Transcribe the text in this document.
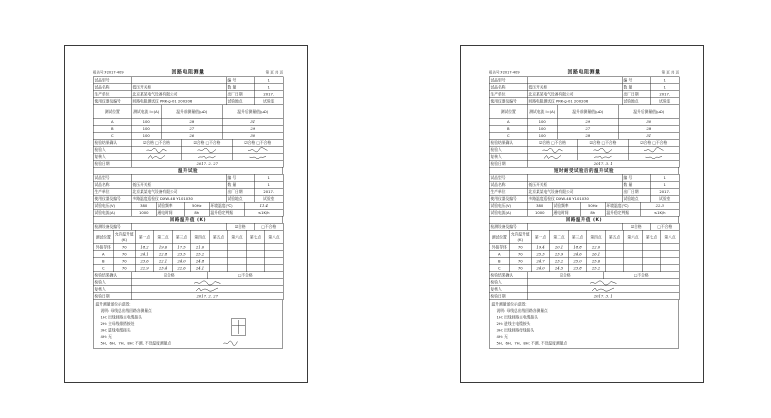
报告号:F2017-409	回路电阻测量	第 页 共 页
试品型号		编 号	1
试品名称	低压开关柜	数 量	1
生产单位	北京某某电气设备有限公司	出厂日期	2017.
使用仪器及编号	回路电阻测试仪 PRK-g-01 200206	试验地点	试验室
测试位置	测试电流 I=(A)	温升前测量值(μΩ)	温升后测量值(μΩ)
A	100	28	31
B	100	27	29
C	100	26	30
检验结果确认	☑合格 □不合格	☑合格 □不合格	☑合格 □不合格
检验人			
复核人			
检验日期	2017. 2. 27		
温升试验
试品型号		编 号	1
试品名称	低压开关柜	数 量	1
生产单位	北京某某电气设备有限公司	出厂日期	2017.
使用仪器及编号	多路温度巡检仪 DXW-48 Y101030	试验地点	试验室
试验电压(V)	380	试验频率	50Hz	环境温度(℃)	11.4
试验电流(A)	1000	通电时间	8h	温升稳定判据	≤1K/h
回路温升值 (K)
检测设备及编号		☑合格	□不合格
测试位置	允许温升值(K)	第一点	第二点	第三点	第四点	第五点	第六点	第七点	第八点
外接导体	70	18.2	19.6	17.5	21.0				
A	70	24.1	22.8	23.5	25.2				
B	70	23.6	22.1	24.0	24.8				
C	70	22.9	23.4	22.6	24.1				
检验结果确认	☑合格	□不合格
检验人	
复核人	
检验日期	2017. 2. 27	
温升测量部位示意图:
说明: 母线总出线回路各测量点
1H: 出线回路主电缆接头
2H: 主母线排搭接处
3H: 进线电缆接头
4H: 无
5H、6H、7H、8H: 不测, 不设温度测量点
报告号:F2017-409	回路电阻测量	第 页 共 页
试品型号		编 号	1
试品名称	低压开关柜	数 量	1
生产单位	北京某某电气设备有限公司	出厂日期	2017.
使用仪器及编号	回路电阻测试仪 PRK-g-01 200206	试验地点	试验室
测试位置	测试电流 I=(A)	温升前测量值(μΩ)	温升后测量值(μΩ)
A	100	29	30
B	100	27	28
C	100	28	31
检验结果确认	☑合格 □不合格	☑合格 □不合格	☑合格 □不合格
检验人			
复核人			
检验日期	2017. 3. 1		
短时耐受试验后的温升试验
试品型号		编 号	1
试品名称	低压开关柜	数 量	1
生产单位	北京某某电气设备有限公司	出厂日期	2017.
使用仪器及编号	多路温度巡检仪 DXW-48 Y101030	试验地点	试验室
试验电压(V)	380	试验频率	50Hz	环境温度(℃)	22.3
试验电流(A)	1000	通电时间	8h	温升稳定判据	≤1K/h
回路温升值 (K)
检测设备及编号		☑合格	□不合格
测试位置	允许温升值(K)	第一点	第二点	第三点	第四点	第五点	第六点	第七点	第八点
外接导体	70	19.4	20.1	18.8	22.0				
A	70	25.3	23.9	24.6	26.1				
B	70	24.7	23.2	25.0	25.6				
C	70	24.0	24.5	23.8	25.2				
检验结果确认	☑合格	□不合格
检验人	
复核人	
检验日期	2017. 3. 1	
温升测量部位示意图:
说明: 母线总出线回路各测量点
1H: 出线回路主电缆接头
2H: 进线主电缆接头
3H: 出线回路母线接头
4H: 无
5H、6H、7H、8H: 不测, 不设温度测量点
